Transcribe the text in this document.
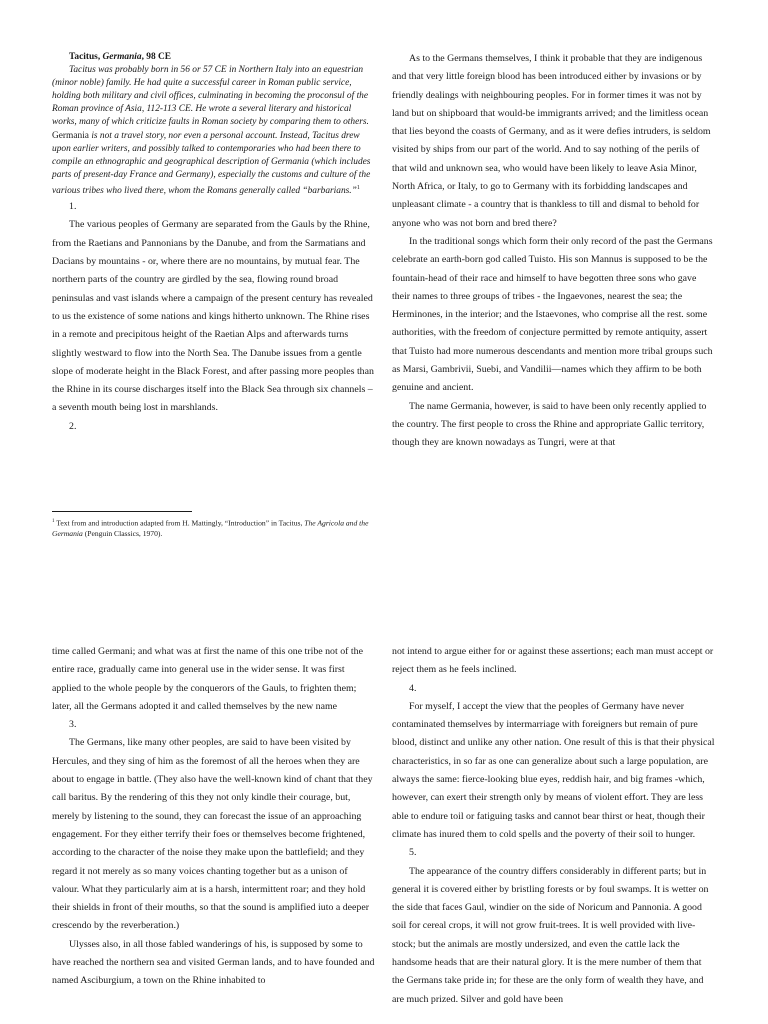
Tacitus, Germania, 98 CE
Tacitus was probably born in 56 or 57 CE in Northern Italy into an equestrian (minor noble) family. He had quite a successful career in Roman public service, holding both military and civil offices, culminating in becoming the proconsul of the Roman province of Asia, 112-113 CE. He wrote a several literary and historical works, many of which criticize faults in Roman society by comparing them to others. Germania is not a travel story, nor even a personal account. Instead, Tacitus drew upon earlier writers, and possibly talked to contemporaries who had been there to compile an ethnographic and geographical description of Germania (which includes parts of present-day France and Germany), especially the customs and culture of the various tribes who lived there, whom the Romans generally called “barbarians.”$^1$

1.

The various peoples of Germany are separated from the Gauls by the Rhine, from the Raetians and Pannonians by the Danube, and from the Sarmatians and Dacians by mountains - or, where there are no mountains, by mutual fear. The northern parts of the country are girdled by the sea, flowing round broad peninsulas and vast islands where a campaign of the present century has revealed to us the existence of some nations and kings hitherto unknown. The Rhine rises in a remote and precipitous height of the Raetian Alps and afterwards turns slightly westward to flow into the North Sea. The Danube issues from a gentle slope of moderate height in the Black Forest, and after passing more peoples than the Rhine in its course discharges itself into the Black Sea through six channels – a seventh mouth being lost in marshlands.

2.

As to the Germans themselves, I think it probable that they are indigenous and that very little foreign blood has been introduced either by invasions or by friendly dealings with neighbouring peoples. For in former times it was not by land but on shipboard that would-be immigrants arrived; and the limitless ocean that lies beyond the coasts of Germany, and as it were defies intruders, is seldom visited by ships from our part of the world. And to say nothing of the perils of that wild and unknown sea, who would have been likely to leave Asia Minor, North Africa, or Italy, to go to Germany with its forbidding landscapes and unpleasant climate - a country that is thankless to till and dismal to behold for anyone who was not born and bred there?

In the traditional songs which form their only record of the past the Germans celebrate an earth-born god called Tuisto. His son Mannus is supposed to be the fountain-head of their race and himself to have begotten three sons who gave their names to three groups of tribes - the Ingaevones, nearest the sea; the Herminones, in the interior; and the Istaevones, who comprise all the rest. some authorities, with the freedom of conjecture permitted by remote antiquity, assert that Tuisto had more numerous descendants and mention more tribal groups such as Marsi, Gambrivii, Suebi, and Vandilii—names which they affirm to be both genuine and ancient.

The name Germania, however, is said to have been only recently applied to the country. The first people to cross the Rhine and appropriate Gallic territory, though they are known nowadays as Tungri, were at that

$^1$ Text from and introduction adapted from H. Mattingly, “Introduction” in Tacitus, The Agricola and the Germania (Penguin Classics, 1970).

time called Germani; and what was at first the name of this one tribe not of the entire race, gradually came into general use in the wider sense. It was first applied to the whole people by the conquerors of the Gauls, to frighten them; later, all the Germans adopted it and called themselves by the new name

3.

The Germans, like many other peoples, are said to have been visited by Hercules, and they sing of him as the foremost of all the heroes when they are about to engage in battle. (They also have the well-known kind of chant that they call baritus. By the rendering of this they not only kindle their courage, but, merely by listening to the sound, they can forecast the issue of an approaching engagement. For they either terrify their foes or themselves become frightened, according to the character of the noise they make upon the battlefield; and they regard it not merely as so many voices chanting together but as a unison of valour. What they particularly aim at is a harsh, intermittent roar; and they hold their shields in front of their mouths, so that the sound is amplified iuto a deeper crescendo by the reverberation.)

Ulysses also, in all those fabled wanderings of his, is supposed by some to have reached the northern sea and visited German lands, and to have founded and named Asciburgium, a town on the Rhine inhabited to

not intend to argue either for or against these assertions; each man must accept or reject them as he feels inclined.

4.

For myself, I accept the view that the peoples of Germany have never contaminated themselves by intermarriage with foreigners but remain of pure blood, distinct and unlike any other nation. One result of this is that their physical characteristics, in so far as one can generalize about such a large population, are always the same: fierce-looking blue eyes, reddish hair, and big frames -which, however, can exert their strength only by means of violent effort. They are less able to endure toil or fatiguing tasks and cannot bear thirst or heat, though their climate has inured them to cold spells and the poverty of their soil to hunger.

5.

The appearance of the country differs considerably in different parts; but in general it is covered either by bristling forests or by foul swamps. It is wetter on the side that faces Gaul, windier on the side of Noricum and Pannonia. A good soil for cereal crops, it will not grow fruit-trees. It is well provided with live-stock; but the animals are mostly undersized, and even the cattle lack the handsome heads that are their natural glory. It is the mere number of them that the Germans take pride in; for these are the only form of wealth they have, and are much prized. Silver and gold have been
